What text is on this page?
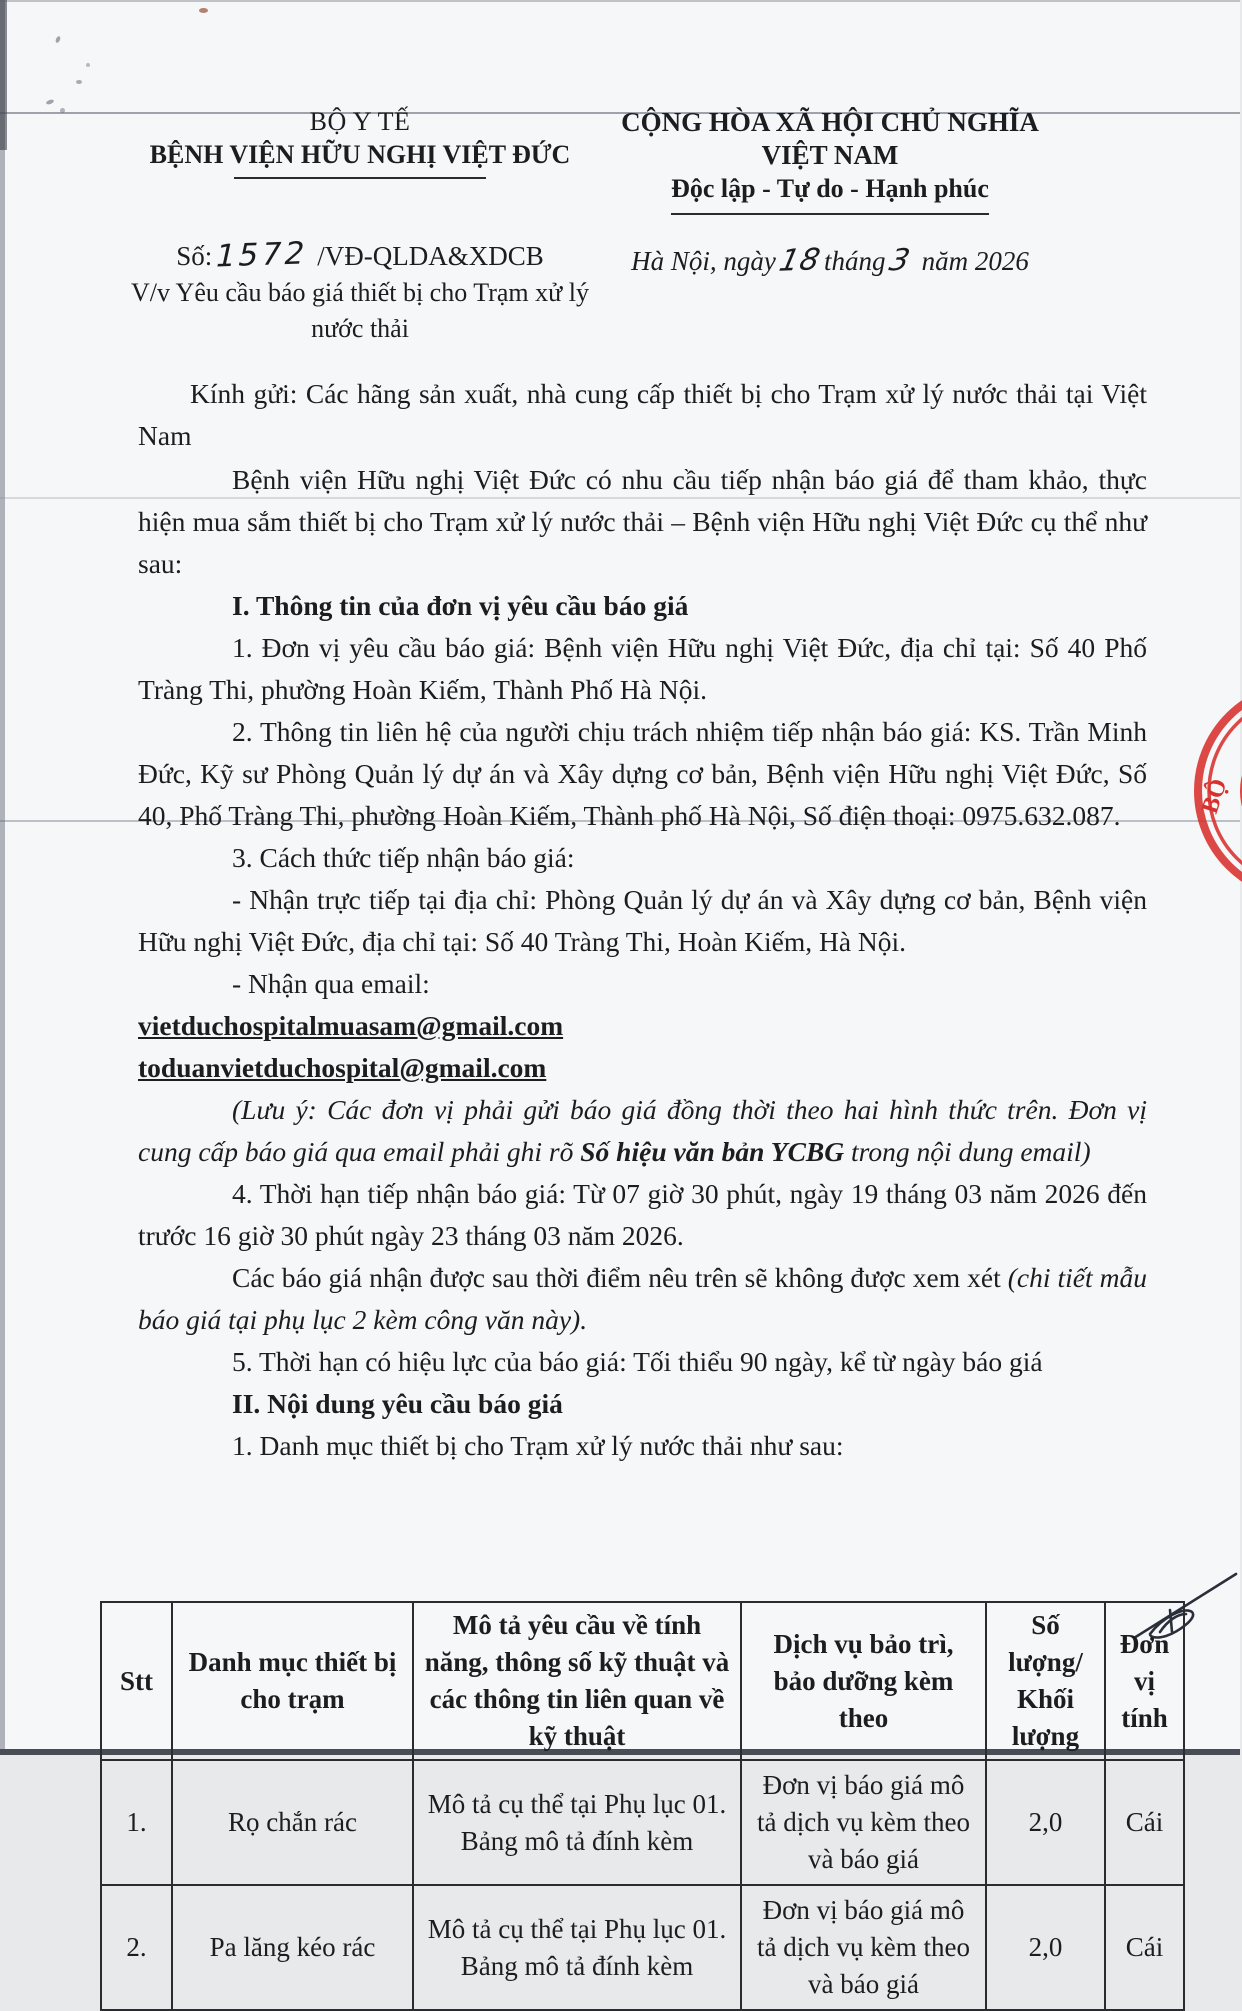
BỘ
BỘ Y TẾ
BỆNH VIỆN HỮU NGHỊ VIỆT ĐỨC
CỘNG HÒA XÃ HỘI CHỦ NGHĨA VIỆT NAM
Độc lập - Tự do - Hạnh phúc
Số:1572 /VĐ-QLDA&XDCB
V/v Yêu cầu báo giá thiết bị cho Trạm xử lý
nước thải
Hà Nội, ngày18tháng3 năm 2026

Kính gửi: Các hãng sản xuất, nhà cung cấp thiết bị cho Trạm xử lý nước thải tại Việt Nam

Bệnh viện Hữu nghị Việt Đức có nhu cầu tiếp nhận báo giá để tham khảo, thực hiện mua sắm thiết bị cho Trạm xử lý nước thải – Bệnh viện Hữu nghị Việt Đức cụ thể như sau:

I. Thông tin của đơn vị yêu cầu báo giá

1. Đơn vị yêu cầu báo giá: Bệnh viện Hữu nghị Việt Đức, địa chỉ tại: Số 40 Phố Tràng Thi, phường Hoàn Kiếm, Thành Phố Hà Nội.

2. Thông tin liên hệ của người chịu trách nhiệm tiếp nhận báo giá: KS. Trần Minh Đức, Kỹ sư Phòng Quản lý dự án và Xây dựng cơ bản, Bệnh viện Hữu nghị Việt Đức, Số 40, Phố Tràng Thi, phường Hoàn Kiếm, Thành phố Hà Nội, Số điện thoại: 0975.632.087.

3. Cách thức tiếp nhận báo giá:

- Nhận trực tiếp tại địa chỉ: Phòng Quản lý dự án và Xây dựng cơ bản, Bệnh viện Hữu nghị Việt Đức, địa chỉ tại: Số 40 Tràng Thi, Hoàn Kiếm, Hà Nội.

- Nhận qua email:

vietduchospitalmuasam@gmail.com

toduanvietduchospital@gmail.com

(Lưu ý: Các đơn vị phải gửi báo giá đồng thời theo hai hình thức trên. Đơn vị cung cấp báo giá qua email phải ghi rõ Số hiệu văn bản YCBG trong nội dung email)

4. Thời hạn tiếp nhận báo giá: Từ 07 giờ 30 phút, ngày 19 tháng 03 năm 2026 đến trước 16 giờ 30 phút ngày 23 tháng 03 năm 2026.

Các báo giá nhận được sau thời điểm nêu trên sẽ không được xem xét (chi tiết mẫu báo giá tại phụ lục 2 kèm công văn này).

5. Thời hạn có hiệu lực của báo giá: Tối thiểu 90 ngày, kể từ ngày báo giá

II. Nội dung yêu cầu báo giá

1. Danh mục thiết bị cho Trạm xử lý nước thải như sau:

Stt	Danh mục thiết bị cho trạm	Mô tả yêu cầu về tính năng, thông số kỹ thuật và các thông tin liên quan về kỹ thuật	Dịch vụ bảo trì, bảo dưỡng kèm theo	Số lượng/ Khối lượng	Đơn vị tính
1.	Rọ chắn rác	Mô tả cụ thể tại Phụ lục 01. Bảng mô tả đính kèm	Đơn vị báo giá mô tả dịch vụ kèm theo và báo giá	2,0	Cái
2.	Pa lăng kéo rác	Mô tả cụ thể tại Phụ lục 01. Bảng mô tả đính kèm	Đơn vị báo giá mô tả dịch vụ kèm theo và báo giá	2,0	Cái
